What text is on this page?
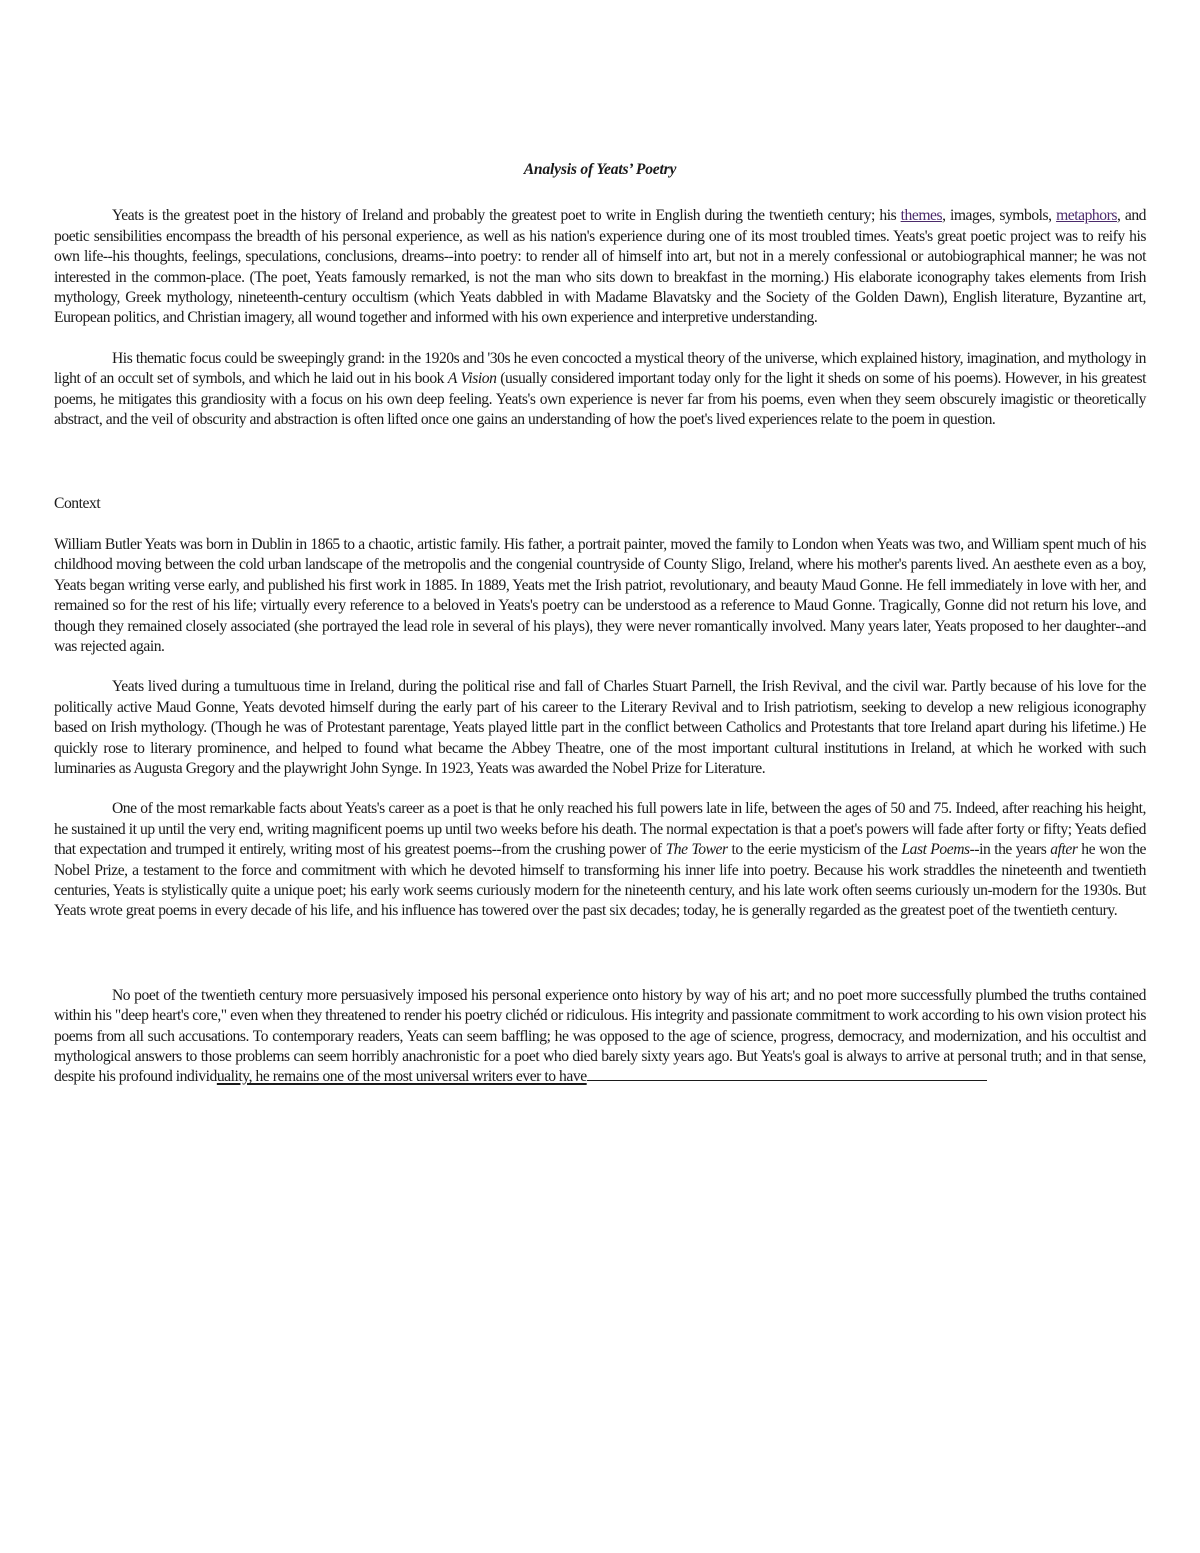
Analysis of Yeats’ Poetry

Yeats is the greatest poet in the history of Ireland and probably the greatest poet to write in English during the twentieth century; his themes, images, symbols, metaphors, and poetic sensibilities encompass the breadth of his personal experience, as well as his nation's experience during one of its most troubled times. Yeats's great poetic project was to reify his own life--his thoughts, feelings, speculations, conclusions, dreams--into poetry: to render all of himself into art, but not in a merely confessional or autobiographical manner; he was not interested in the common-place. (The poet, Yeats famously remarked, is not the man who sits down to breakfast in the morning.) His elaborate iconography takes elements from Irish mythology, Greek mythology, nineteenth-century occultism (which Yeats dabbled in with Madame Blavatsky and the Society of the Golden Dawn), English literature, Byzantine art, European politics, and Christian imagery, all wound together and informed with his own experience and interpretive understanding.

His thematic focus could be sweepingly grand: in the 1920s and '30s he even concocted a mystical theory of the universe, which explained history, imagination, and mythology in light of an occult set of symbols, and which he laid out in his book A Vision (usually considered important today only for the light it sheds on some of his poems). However, in his greatest poems, he mitigates this grandiosity with a focus on his own deep feeling. Yeats's own experience is never far from his poems, even when they seem obscurely imagistic or theoretically abstract, and the veil of obscurity and abstraction is often lifted once one gains an understanding of how the poet's lived experiences relate to the poem in question.

Context

William Butler Yeats was born in Dublin in 1865 to a chaotic, artistic family. His father, a portrait painter, moved the family to London when Yeats was two, and William spent much of his childhood moving between the cold urban landscape of the metropolis and the congenial countryside of County Sligo, Ireland, where his mother's parents lived. An aesthete even as a boy, Yeats began writing verse early, and published his first work in 1885. In 1889, Yeats met the Irish patriot, revolutionary, and beauty Maud Gonne. He fell immediately in love with her, and remained so for the rest of his life; virtually every reference to a beloved in Yeats's poetry can be understood as a reference to Maud Gonne. Tragically, Gonne did not return his love, and though they remained closely associated (she portrayed the lead role in several of his plays), they were never romantically involved. Many years later, Yeats proposed to her daughter--and was rejected again.

Yeats lived during a tumultuous time in Ireland, during the political rise and fall of Charles Stuart Parnell, the Irish Revival, and the civil war. Partly because of his love for the politically active Maud Gonne, Yeats devoted himself during the early part of his career to the Literary Revival and to Irish patriotism, seeking to develop a new religious iconography based on Irish mythology. (Though he was of Protestant parentage, Yeats played little part in the conflict between Catholics and Protestants that tore Ireland apart during his lifetime.) He quickly rose to literary prominence, and helped to found what became the Abbey Theatre, one of the most important cultural institutions in Ireland, at which he worked with such luminaries as Augusta Gregory and the playwright John Synge. In 1923, Yeats was awarded the Nobel Prize for Literature.

One of the most remarkable facts about Yeats's career as a poet is that he only reached his full powers late in life, between the ages of 50 and 75. Indeed, after reaching his height, he sustained it up until the very end, writing magnificent poems up until two weeks before his death. The normal expectation is that a poet's powers will fade after forty or fifty; Yeats defied that expectation and trumped it entirely, writing most of his greatest poems--from the crushing power of The Tower to the eerie mysticism of the Last Poems--in the years after he won the Nobel Prize, a testament to the force and commitment with which he devoted himself to transforming his inner life into poetry. Because his work straddles the nineteenth and twentieth centuries, Yeats is stylistically quite a unique poet; his early work seems curiously modern for the nineteenth century, and his late work often seems curiously un-modern for the 1930s. But Yeats wrote great poems in every decade of his life, and his influence has towered over the past six decades; today, he is generally regarded as the greatest poet of the twentieth century.

No poet of the twentieth century more persuasively imposed his personal experience onto history by way of his art; and no poet more successfully plumbed the truths contained within his "deep heart's core," even when they threatened to render his poetry clichéd or ridiculous. His integrity and passionate commitment to work according to his own vision protect his poems from all such accusations. To contemporary readers, Yeats can seem baffling; he was opposed to the age of science, progress, democracy, and modernization, and his occultist and mythological answers to those problems can seem horribly anachronistic for a poet who died barely sixty years ago. But Yeats's goal is always to arrive at personal truth; and in that sense, despite his profound individuality, he remains one of the most universal writers ever to have
